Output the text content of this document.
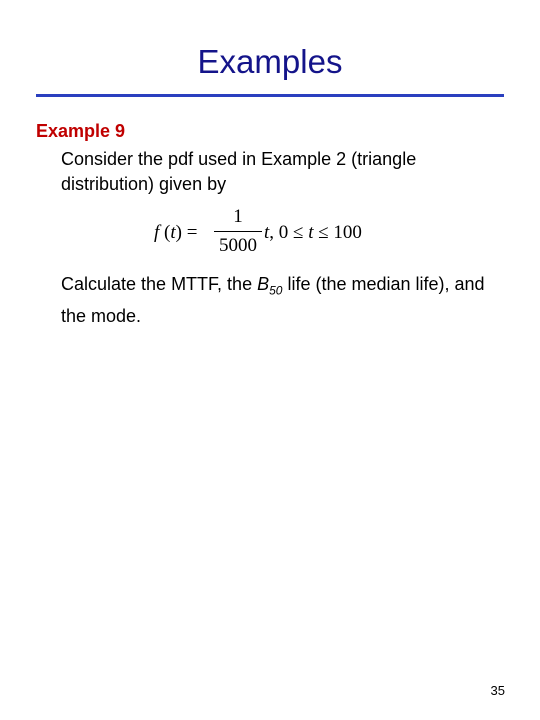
Examples
Example 9
Consider the pdf used in Example 2 (triangle distribution) given by
f (t) =
1
5000
t, 0 ≤ t ≤ 100
Calculate the MTTF, the $B_{50}$ life (the median life), and the mode.
35
